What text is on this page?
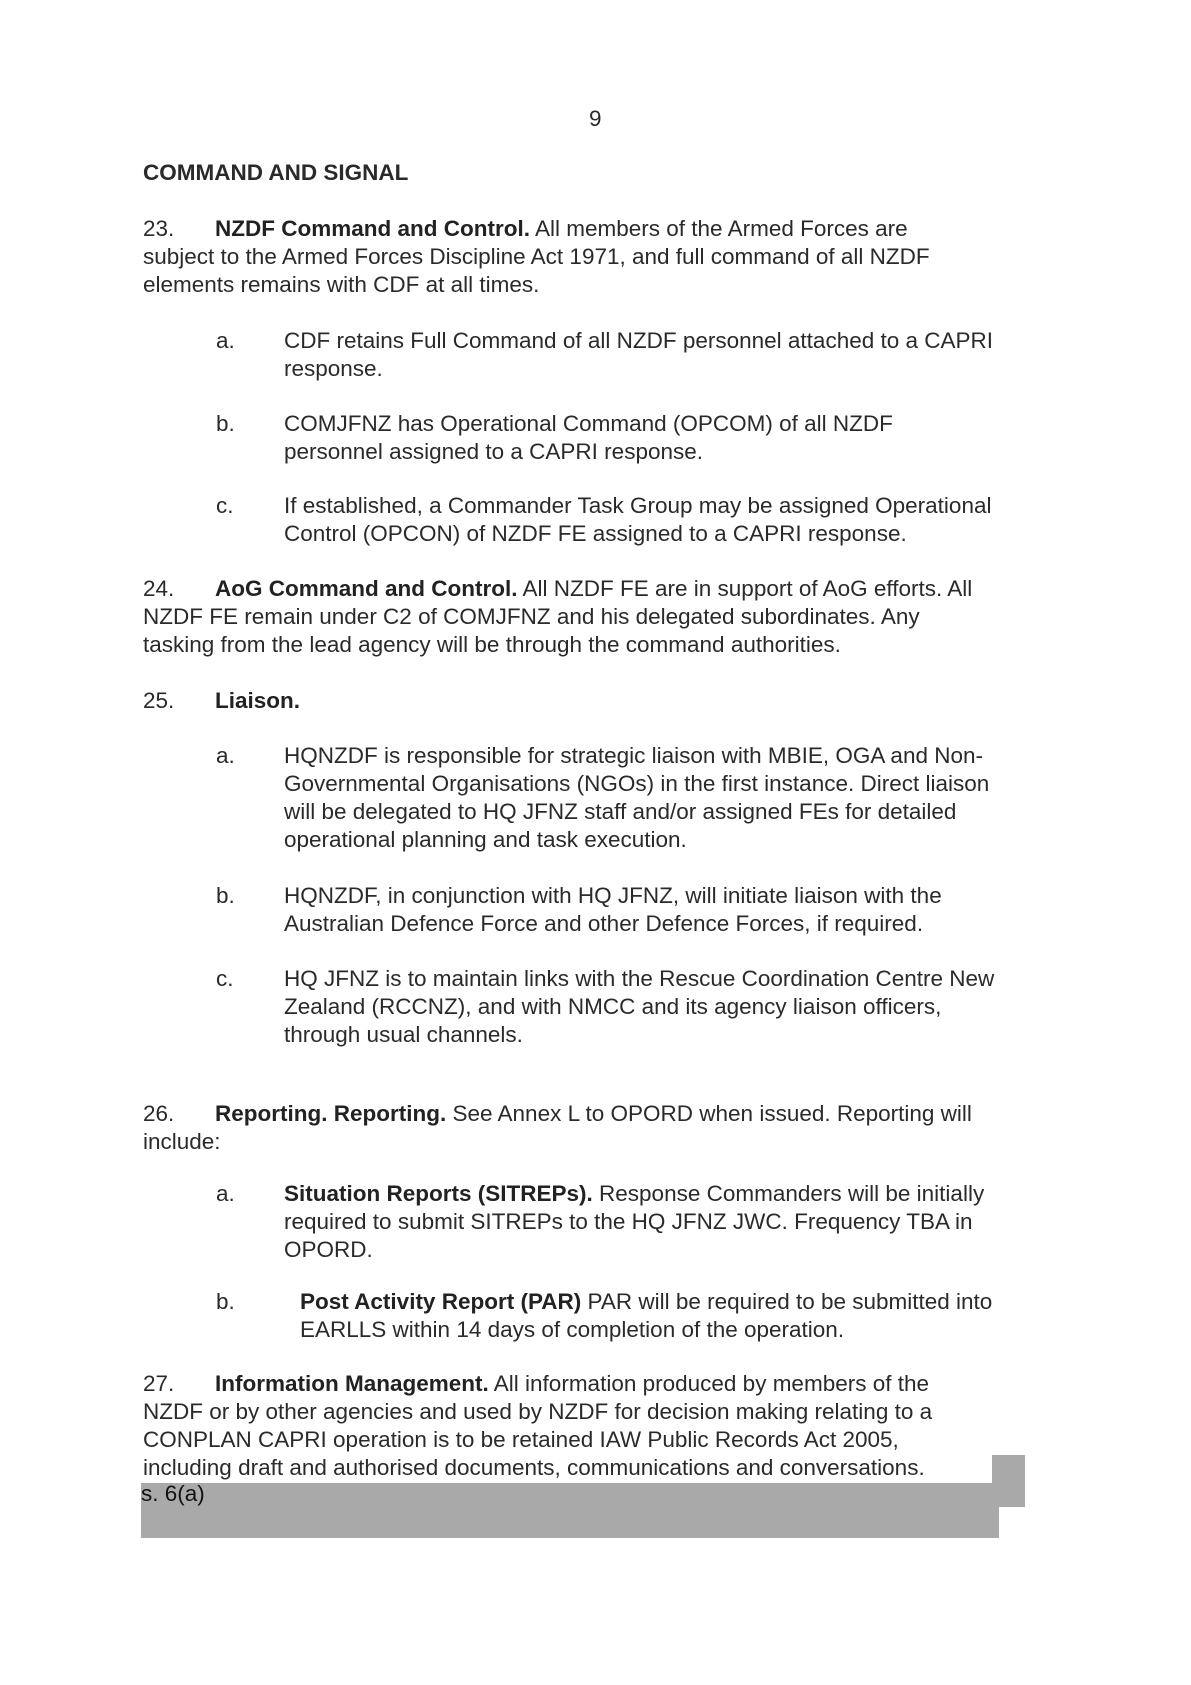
9
COMMAND AND SIGNAL
23. NZDF Command and Control. All members of the Armed Forces are
subject to the Armed Forces Discipline Act 1971, and full command of all NZDF
elements remains with CDF at all times.
a. CDF retains Full Command of all NZDF personnel attached to a CAPRI
response.
b. COMJFNZ has Operational Command (OPCOM) of all NZDF
personnel assigned to a CAPRI response.
c. If established, a Commander Task Group may be assigned Operational
Control (OPCON) of NZDF FE assigned to a CAPRI response.
24. AoG Command and Control. All NZDF FE are in support of AoG efforts. All
NZDF FE remain under C2 of COMJFNZ and his delegated subordinates. Any
tasking from the lead agency will be through the command authorities.
25. Liaison.
a. HQNZDF is responsible for strategic liaison with MBIE, OGA and Non-
Governmental Organisations (NGOs) in the first instance. Direct liaison
will be delegated to HQ JFNZ staff and/or assigned FEs for detailed
operational planning and task execution.
b. HQNZDF, in conjunction with HQ JFNZ, will initiate liaison with the
Australian Defence Force and other Defence Forces, if required.
c. HQ JFNZ is to maintain links with the Rescue Coordination Centre New
Zealand (RCCNZ), and with NMCC and its agency liaison officers,
through usual channels.
26. Reporting. Reporting. See Annex L to OPORD when issued. Reporting will
include:
a. Situation Reports (SITREPs). Response Commanders will be initially
required to submit SITREPs to the HQ JFNZ JWC. Frequency TBA in
OPORD.
b.	Post Activity Report (PAR) PAR will be required to be submitted into
EARLLS within 14 days of completion of the operation.
27. Information Management. All information produced by members of the
NZDF or by other agencies and used by NZDF for decision making relating to a
CONPLAN CAPRI operation is to be retained IAW Public Records Act 2005,
including draft and authorised documents, communications and conversations.
s. 6(a)
